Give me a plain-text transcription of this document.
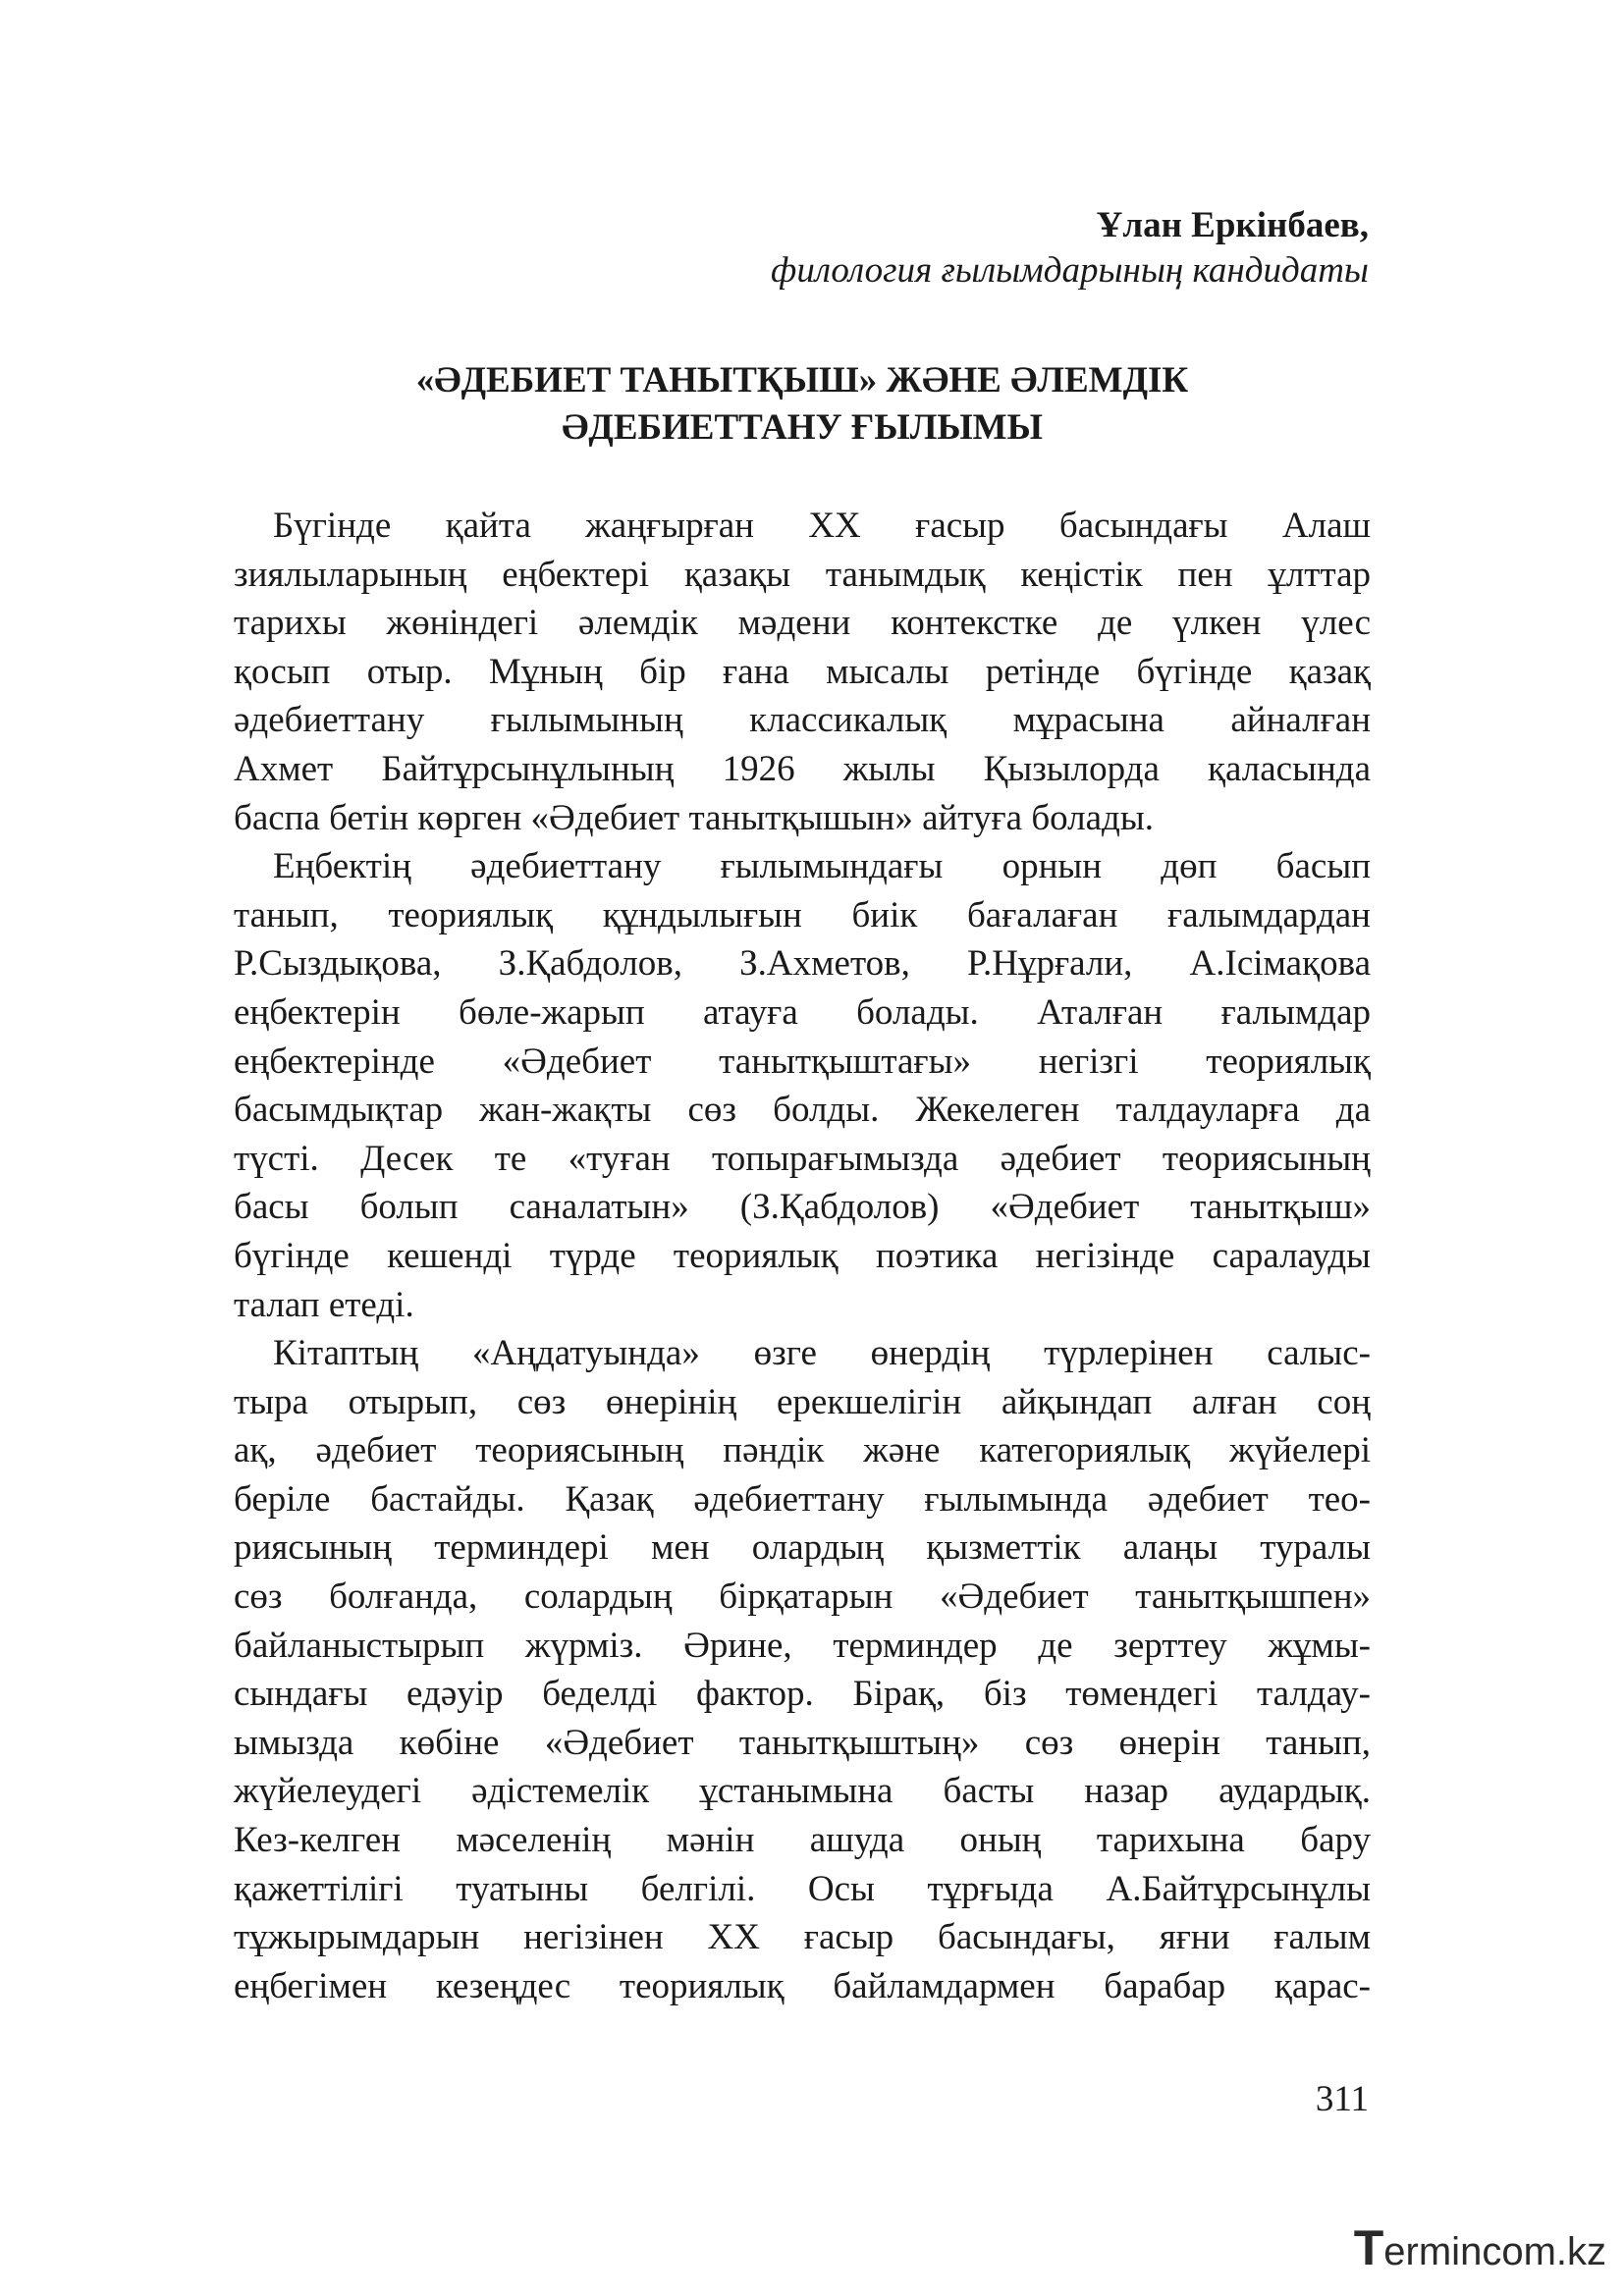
Ұлан Еркінбаев,
филология ғылымдарының кандидаты
«ӘДЕБИЕТ ТАНЫТҚЫШ» ЖӘНЕ ӘЛЕМДІК
ӘДЕБИЕТТАНУ ҒЫЛЫМЫ
Бүгінде қайта жаңғырған ХХ ғасыр басындағы Алаш
зиялыларының еңбектері қазақы танымдық кеңістік пен ұлттар
тарихы жөніндегі әлемдік мәдени контекстке де үлкен үлес
қосып отыр. Мұның бір ғана мысалы ретінде бүгінде қазақ
әдебиеттану ғылымының классикалық мұрасына айналған
Ахмет Байтұрсынұлының 1926 жылы Қызылорда қаласында
баспа бетін көрген «Әдебиет танытқышын» айтуға болады.
Еңбектің әдебиеттану ғылымындағы орнын дөп басып
танып, теориялық құндылығын биік бағалаған ғалымдардан
Р.Сыздықова, З.Қабдолов, З.Ахметов, Р.Нұрғали, А.Ісімақова
еңбектерін бөле-жарып атауға болады. Аталған ғалымдар
еңбектерінде «Әдебиет танытқыштағы» негізгі теориялық
басымдықтар жан-жақты сөз болды. Жекелеген талдауларға да
түсті. Десек те «туған топырағымызда әдебиет теориясының
басы болып саналатын» (З.Қабдолов) «Әдебиет танытқыш»
бүгінде кешенді түрде теориялық поэтика негізінде саралауды
талап етеді.
Кітаптың «Аңдатуында» өзге өнердің түрлерінен салыс-
тыра отырып, сөз өнерінің ерекшелігін айқындап алған соң
ақ, әдебиет теориясының пәндік және категориялық жүйелері
беріле бастайды. Қазақ әдебиеттану ғылымында әдебиет тео-
риясының терминдері мен олардың қызметтік алаңы туралы
сөз болғанда, солардың бірқатарын «Әдебиет танытқышпен»
байланыстырып жүрміз. Әрине, терминдер де зерттеу жұмы-
сындағы едәуір беделді фактор. Бірақ, біз төмендегі талдау-
ымызда көбіне «Әдебиет танытқыштың» сөз өнерін танып,
жүйелеудегі әдістемелік ұстанымына басты назар аудардық.
Кез-келген мәселенің мәнін ашуда оның тарихына бару
қажеттілігі туатыны белгілі. Осы тұрғыда А.Байтұрсынұлы
тұжырымдарын негізінен ХХ ғасыр басындағы, яғни ғалым
еңбегімен кезеңдес теориялық байламдармен барабар қарас-
311
Termincom.kz
